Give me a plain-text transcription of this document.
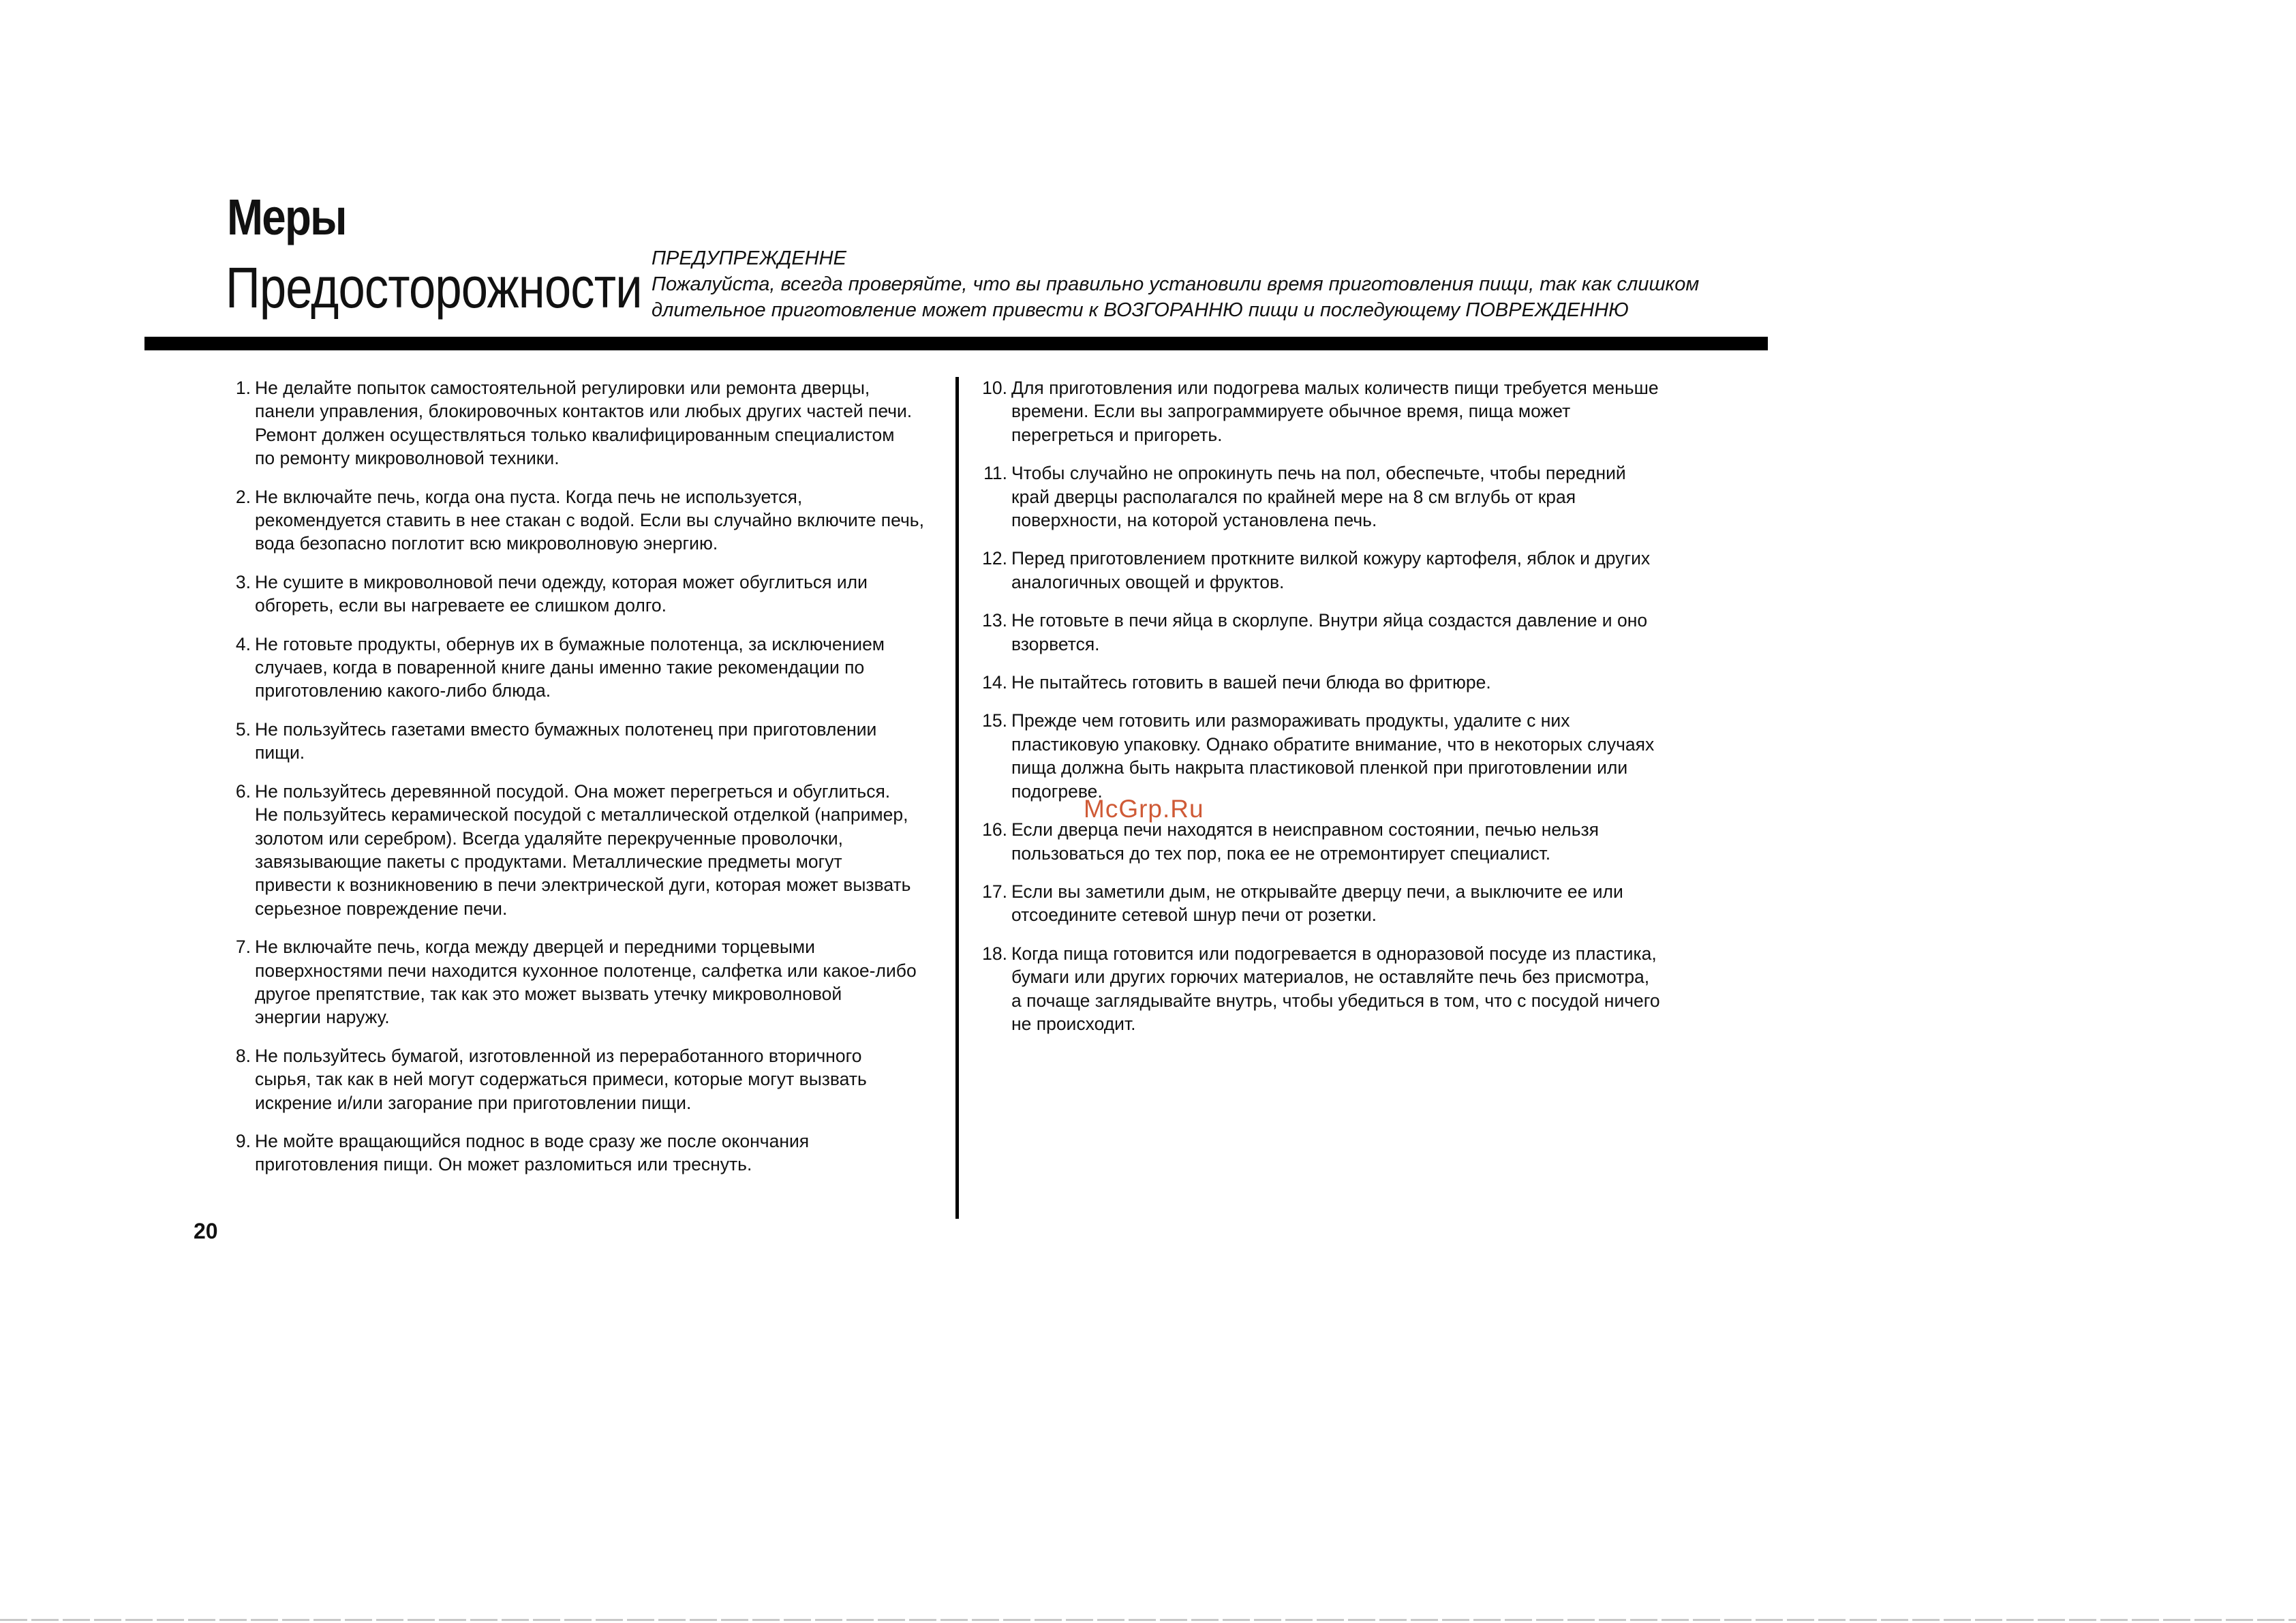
Меры
Предосторожности ПРЕДУПРЕЖДЕННЕ
Пожалуйста, всегда проверяйте, что вы правильно установили время приготовления пищи, так как слишком
длительное приготовление может привести к ВОЗГОРАННЮ пищи и последующему ПОВРЕЖДЕННЮ
1. Не делайте попыток самостоятельной регулировки или ремонта дверцы,
панели управления, блокировочных контактов или любых других частей печи.
Ремонт должен осуществляться только квалифицированным специалистом
по ремонту микроволновой техники.
2. Не включайте печь, когда она пуста. Когда печь не используется,
рекомендуется ставить в нее стакан с водой. Если вы случайно включите печь,
вода безопасно поглотит всю микроволновую энергию.
3. Не сушите в микроволновой печи одежду, которая может обуглиться или
обгореть, если вы нагреваете ее слишком долго.
4. Не готовьте продукты, обернув их в бумажные полотенца, за исключением
случаев, когда в поваренной книге даны именно такие рекомендации по
приготовлению какого-либо блюда.
5. Не пользуйтесь газетами вместо бумажных полотенец при приготовлении
пищи.
6. Не пользуйтесь деревянной посудой. Она может перегреться и обуглиться.
Не пользуйтесь керамической посудой с металлической отделкой (например,
золотом или серебром). Всегда удаляйте перекрученные проволочки,
завязывающие пакеты с продуктами. Металлические предметы могут
привести к возникновению в печи электрической дуги, которая может вызвать
серьезное повреждение печи.
7. Не включайте печь, когда между дверцей и передними торцевыми
поверхностями печи находится кухонное полотенце, салфетка или какое-либо
другое препятствие, так как это может вызвать утечку микроволновой
энергии наружу.
8. Не пользуйтесь бумагой, изготовленной из переработанного вторичного
сырья, так как в ней могут содержаться примеси, которые могут вызвать
искрение и/или загорание при приготовлении пищи.
9. Не мойте вращающийся поднос в воде сразу же после окончания
приготовления пищи. Он может разломиться или треснуть.
10. Для приготовления или подогрева малых количеств пищи требуется меньше
времени. Если вы запрограммируете обычное время, пища может
перегреться и пригореть.
11. Чтобы случайно не опрокинуть печь на пол, обеспечьте, чтобы передний
край дверцы располагался по крайней мере на 8 см вглубь от края
поверхности, на которой установлена печь.
12. Перед приготовлением проткните вилкой кожуру картофеля, яблок и других
аналогичных овощей и фруктов.
13. Не готовьте в печи яйца в скорлупе. Внутри яйца создастся давление и оно
взорвется.
14. Не пытайтесь готовить в вашей печи блюда во фритюре.
15. Прежде чем готовить или размораживать продукты, удалите с них
пластиковую упаковку. Однако обратите внимание, что в некоторых случаях
пища должна быть накрыта пластиковой пленкой при приготовлении или
подогреве.
16. Если дверца печи находятся в неисправном состоянии, печью нельзя
пользоваться до тех пор, пока ее не отремонтирует специалист.
17. Если вы заметили дым, не открывайте дверцу печи, а выключите ее или
отсоедините сетевой шнур печи от розетки.
18. Когда пища готовится или подогревается в одноразовой посуде из пластика,
бумаги или других горючих материалов, не оставляйте печь без присмотра,
а почаще заглядывайте внутрь, чтобы убедиться в том, что с посудой ничего
не происходит.
McGrp.Ru
20
